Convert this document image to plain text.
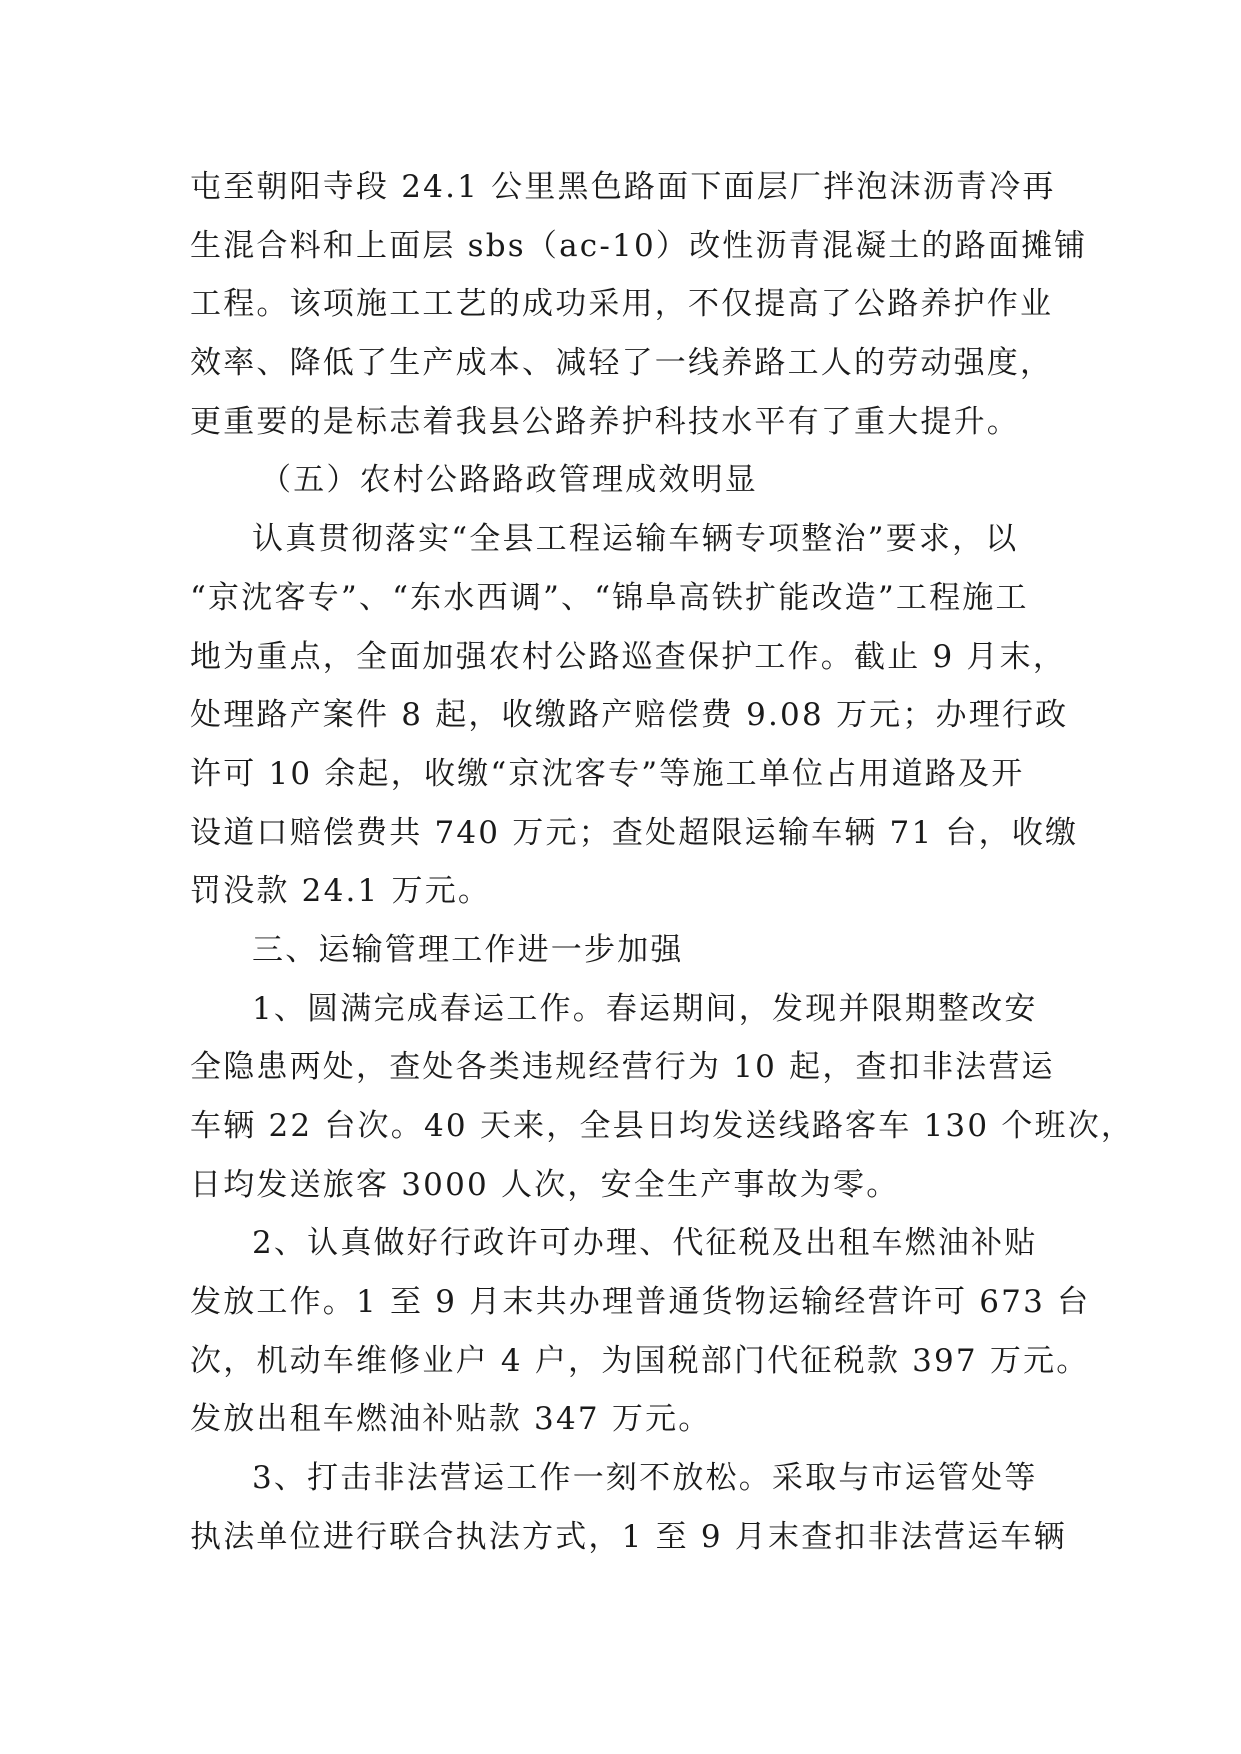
屯至朝阳寺段 24.1 公里黑色路面下面层厂拌泡沫沥青冷再
生混合料和上面层 sbs（ac-10）改性沥青混凝土的路面摊铺
工程。该项施工工艺的成功采用，不仅提高了公路养护作业
效率、降低了生产成本、减轻了一线养路工人的劳动强度，
更重要的是标志着我县公路养护科技水平有了重大提升。
（五）农村公路路政管理成效明显
认真贯彻落实“全县工程运输车辆专项整治”要求，以
“京沈客专”、“东水西调”、“锦阜高铁扩能改造”工程施工
地为重点，全面加强农村公路巡查保护工作。截止 9 月末，
处理路产案件 8 起，收缴路产赔偿费 9.08 万元；办理行政
许可 10 余起，收缴“京沈客专”等施工单位占用道路及开
设道口赔偿费共 740 万元；查处超限运输车辆 71 台，收缴
罚没款 24.1 万元。
三、运输管理工作进一步加强
1、圆满完成春运工作。春运期间，发现并限期整改安
全隐患两处，查处各类违规经营行为 10 起，查扣非法营运
车辆 22 台次。40 天来，全县日均发送线路客车 130 个班次，
日均发送旅客 3000 人次，安全生产事故为零。
2、认真做好行政许可办理、代征税及出租车燃油补贴
发放工作。1 至 9 月末共办理普通货物运输经营许可 673 台
次，机动车维修业户 4 户，为国税部门代征税款 397 万元。
发放出租车燃油补贴款 347 万元。
3、打击非法营运工作一刻不放松。采取与市运管处等
执法单位进行联合执法方式，1 至 9 月末查扣非法营运车辆
